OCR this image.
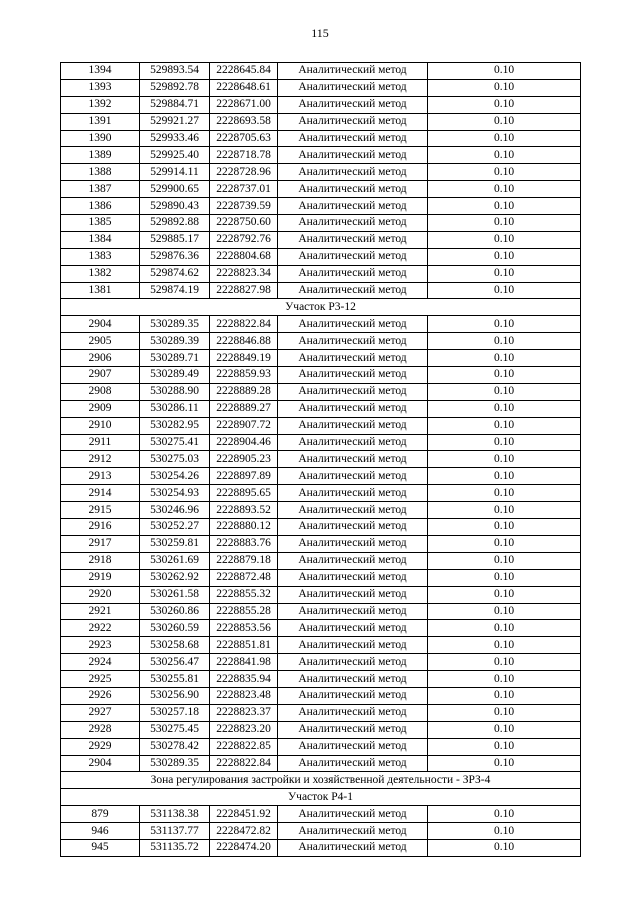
115
1394	529893.54	2228645.84	Аналитический метод	0.10
1393	529892.78	2228648.61	Аналитический метод	0.10
1392	529884.71	2228671.00	Аналитический метод	0.10
1391	529921.27	2228693.58	Аналитический метод	0.10
1390	529933.46	2228705.63	Аналитический метод	0.10
1389	529925.40	2228718.78	Аналитический метод	0.10
1388	529914.11	2228728.96	Аналитический метод	0.10
1387	529900.65	2228737.01	Аналитический метод	0.10
1386	529890.43	2228739.59	Аналитический метод	0.10
1385	529892.88	2228750.60	Аналитический метод	0.10
1384	529885.17	2228792.76	Аналитический метод	0.10
1383	529876.36	2228804.68	Аналитический метод	0.10
1382	529874.62	2228823.34	Аналитический метод	0.10
1381	529874.19	2228827.98	Аналитический метод	0.10
Участок Р3-12				
2904	530289.35	2228822.84	Аналитический метод	0.10
2905	530289.39	2228846.88	Аналитический метод	0.10
2906	530289.71	2228849.19	Аналитический метод	0.10
2907	530289.49	2228859.93	Аналитический метод	0.10
2908	530288.90	2228889.28	Аналитический метод	0.10
2909	530286.11	2228889.27	Аналитический метод	0.10
2910	530282.95	2228907.72	Аналитический метод	0.10
2911	530275.41	2228904.46	Аналитический метод	0.10
2912	530275.03	2228905.23	Аналитический метод	0.10
2913	530254.26	2228897.89	Аналитический метод	0.10
2914	530254.93	2228895.65	Аналитический метод	0.10
2915	530246.96	2228893.52	Аналитический метод	0.10
2916	530252.27	2228880.12	Аналитический метод	0.10
2917	530259.81	2228883.76	Аналитический метод	0.10
2918	530261.69	2228879.18	Аналитический метод	0.10
2919	530262.92	2228872.48	Аналитический метод	0.10
2920	530261.58	2228855.32	Аналитический метод	0.10
2921	530260.86	2228855.28	Аналитический метод	0.10
2922	530260.59	2228853.56	Аналитический метод	0.10
2923	530258.68	2228851.81	Аналитический метод	0.10
2924	530256.47	2228841.98	Аналитический метод	0.10
2925	530255.81	2228835.94	Аналитический метод	0.10
2926	530256.90	2228823.48	Аналитический метод	0.10
2927	530257.18	2228823.37	Аналитический метод	0.10
2928	530275.45	2228823.20	Аналитический метод	0.10
2929	530278.42	2228822.85	Аналитический метод	0.10
2904	530289.35	2228822.84	Аналитический метод	0.10
Зона регулирования застройки и хозяйственной деятельности - ЗРЗ-4				
Участок Р4-1				
879	531138.38	2228451.92	Аналитический метод	0.10
946	531137.77	2228472.82	Аналитический метод	0.10
945	531135.72	2228474.20	Аналитический метод	0.10
